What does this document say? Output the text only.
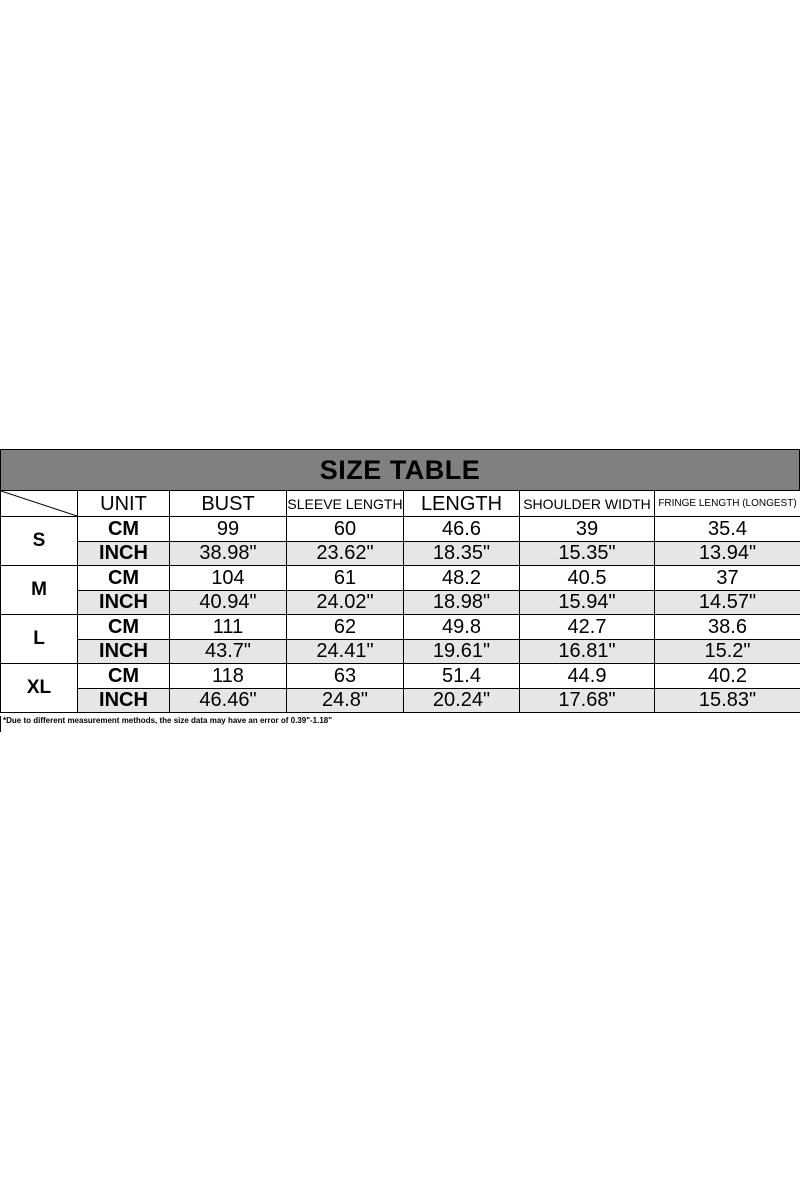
SIZE TABLE
	UNIT	BUST	SLEEVE LENGTH	LENGTH	SHOULDER WIDTH	FRINGE LENGTH (LONGEST)
S	CM	99	60	46.6	39	35.4
	INCH	38.98"	23.62"	18.35"	15.35"	13.94"
M	CM	104	61	48.2	40.5	37
	INCH	40.94"	24.02"	18.98"	15.94"	14.57"
L	CM	111	62	49.8	42.7	38.6
	INCH	43.7"	24.41"	19.61"	16.81"	15.2"
XL	CM	118	63	51.4	44.9	40.2
	INCH	46.46"	24.8"	20.24"	17.68"	15.83"
*Due to different measurement methods, the size data may have an error of 0.39"-1.18"
